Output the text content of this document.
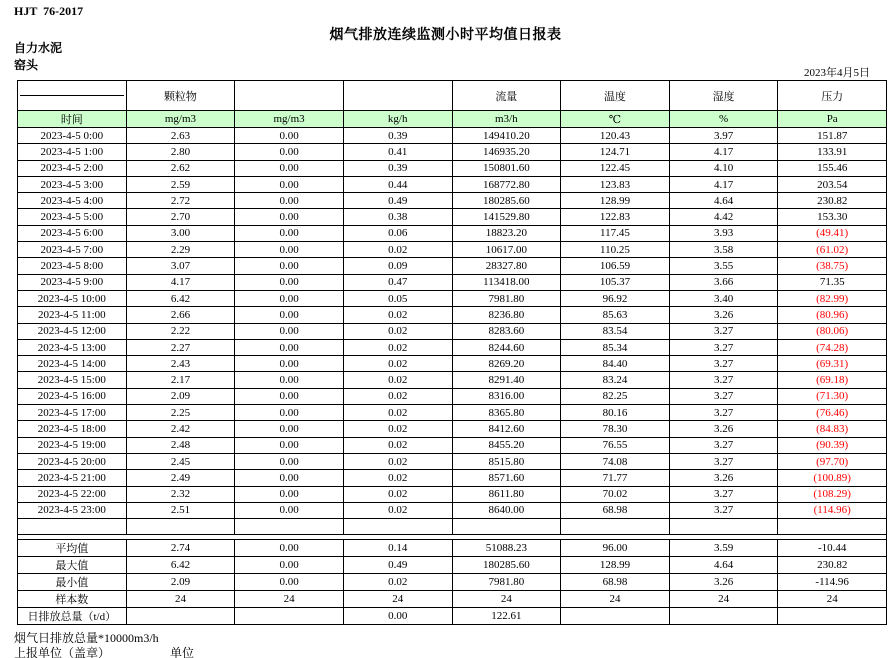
HJT  76-2017
烟气排放连续监测小时平均值日报表
自力水泥
窑头
2023年4月5日
	颗粒物			流量	温度	湿度	压力
时间	mg/m3	mg/m3	kg/h	m3/h	℃	%	Pa
2023-4-5 0:00	2.63	0.00	0.39	149410.20	120.43	3.97	151.87
2023-4-5 1:00	2.80	0.00	0.41	146935.20	124.71	4.17	133.91
2023-4-5 2:00	2.62	0.00	0.39	150801.60	122.45	4.10	155.46
2023-4-5 3:00	2.59	0.00	0.44	168772.80	123.83	4.17	203.54
2023-4-5 4:00	2.72	0.00	0.49	180285.60	128.99	4.64	230.82
2023-4-5 5:00	2.70	0.00	0.38	141529.80	122.83	4.42	153.30
2023-4-5 6:00	3.00	0.00	0.06	18823.20	117.45	3.93	(49.41)
2023-4-5 7:00	2.29	0.00	0.02	10617.00	110.25	3.58	(61.02)
2023-4-5 8:00	3.07	0.00	0.09	28327.80	106.59	3.55	(38.75)
2023-4-5 9:00	4.17	0.00	0.47	113418.00	105.37	3.66	71.35
2023-4-5 10:00	6.42	0.00	0.05	7981.80	96.92	3.40	(82.99)
2023-4-5 11:00	2.66	0.00	0.02	8236.80	85.63	3.26	(80.96)
2023-4-5 12:00	2.22	0.00	0.02	8283.60	83.54	3.27	(80.06)
2023-4-5 13:00	2.27	0.00	0.02	8244.60	85.34	3.27	(74.28)
2023-4-5 14:00	2.43	0.00	0.02	8269.20	84.40	3.27	(69.31)
2023-4-5 15:00	2.17	0.00	0.02	8291.40	83.24	3.27	(69.18)
2023-4-5 16:00	2.09	0.00	0.02	8316.00	82.25	3.27	(71.30)
2023-4-5 17:00	2.25	0.00	0.02	8365.80	80.16	3.27	(76.46)
2023-4-5 18:00	2.42	0.00	0.02	8412.60	78.30	3.26	(84.83)
2023-4-5 19:00	2.48	0.00	0.02	8455.20	76.55	3.27	(90.39)
2023-4-5 20:00	2.45	0.00	0.02	8515.80	74.08	3.27	(97.70)
2023-4-5 21:00	2.49	0.00	0.02	8571.60	71.77	3.26	(100.89)
2023-4-5 22:00	2.32	0.00	0.02	8611.80	70.02	3.27	(108.29)
2023-4-5 23:00	2.51	0.00	0.02	8640.00	68.98	3.27	(114.96)

平均值	2.74	0.00	0.14	51088.23	96.00	3.59	-10.44
最大值	6.42	0.00	0.49	180285.60	128.99	4.64	230.82
最小值	2.09	0.00	0.02	7981.80	68.98	3.26	-114.96
样本数	24	24	24	24	24	24	24
日排放总量（t/d）			0.00	122.61			
烟气日排放总量*10000m3/h
上报单位（盖章）	单位
